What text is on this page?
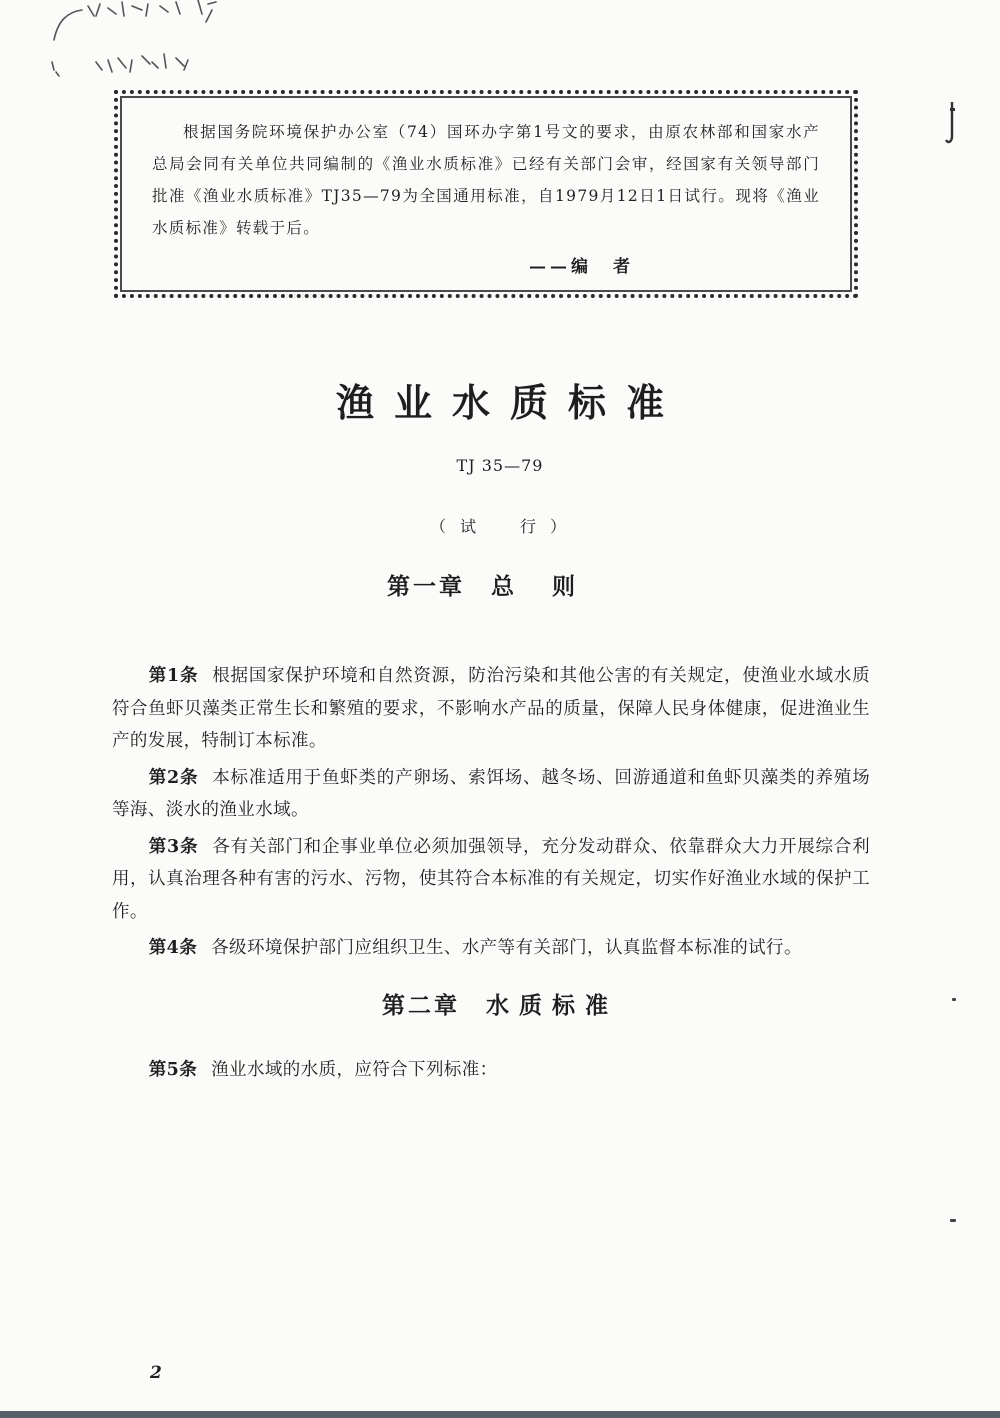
根据国务院环境保护办公室（74）国环办字第1号文的要求，由原农林部和国家水产总局会同有关单位共同编制的《渔业水质标准》已经有关部门会审，经国家有关领导部门批准《渔业水质标准》TJ35—79为全国通用标准，自1979月12日1日试行。现将《渔业水质标准》转载于后。

——编　者
渔业水质标准
TJ 35—79
（试　行）
第一章 总则

第1条 根据国家保护环境和自然资源，防治污染和其他公害的有关规定，使渔业水域水质符合鱼虾贝藻类正常生长和繁殖的要求，不影响水产品的质量，保障人民身体健康，促进渔业生产的发展，特制订本标准。

第2条 本标准适用于鱼虾类的产卵场、索饵场、越冬场、回游通道和鱼虾贝藻类的养殖场等海、淡水的渔业水域。

第3条 各有关部门和企事业单位必须加强领导，充分发动群众、依靠群众大力开展综合利用，认真治理各种有害的污水、污物，使其符合本标准的有关规定，切实作好渔业水域的保护工作。

第4条 各级环境保护部门应组织卫生、水产等有关部门，认真监督本标准的试行。

第二章 水质标准

第5条 渔业水域的水质，应符合下列标准：

2
